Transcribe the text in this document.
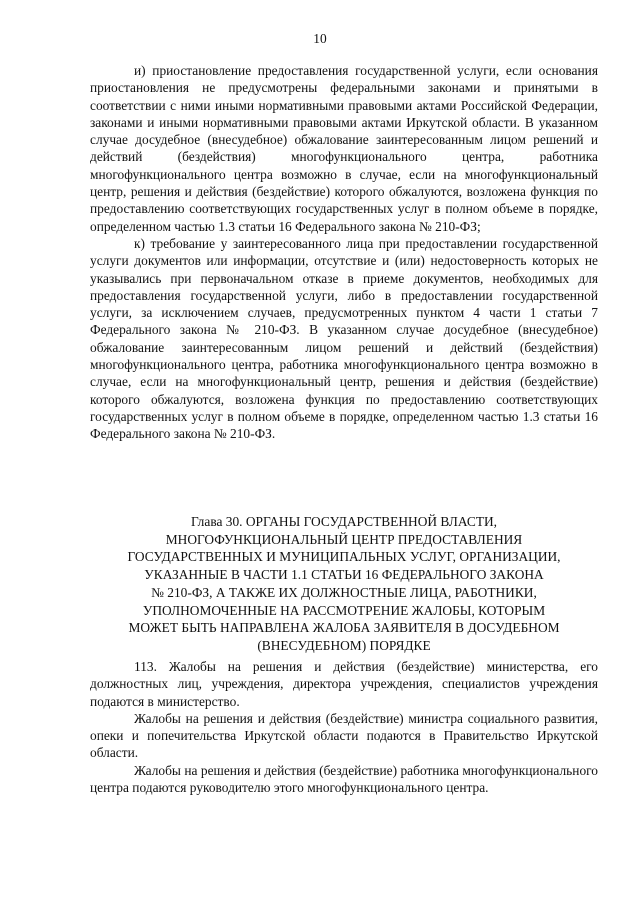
10

и) приостановление предоставления государственной услуги, если основания приостановления не предусмотрены федеральными законами и принятыми в соответствии с ними иными нормативными правовыми актами Российской Федерации, законами и иными нормативными правовыми актами Иркутской области. В указанном случае досудебное (внесудебное) обжалование заинтересованным лицом решений и действий (бездействия) многофункционального центра, работника многофункционального центра возможно в случае, если на многофункциональный центр, решения и действия (бездействие) которого обжалуются, возложена функция по предоставлению соответствующих государственных услуг в полном объеме в порядке, определенном частью 1.3 статьи 16 Федерального закона № 210-ФЗ;

к) требование у заинтересованного лица при предоставлении государственной услуги документов или информации, отсутствие и (или) недостоверность которых не указывались при первоначальном отказе в приеме документов, необходимых для предоставления государственной услуги, либо в предоставлении государственной услуги, за исключением случаев, предусмотренных пунктом 4 части 1 статьи 7 Федерального закона № 210-ФЗ. В указанном случае досудебное (внесудебное) обжалование заинтересованным лицом решений и действий (бездействия) многофункционального центра, работника многофункционального центра возможно в случае, если на многофункциональный центр, решения и действия (бездействие) которого обжалуются, возложена функция по предоставлению соответствующих государственных услуг в полном объеме в порядке, определенном частью 1.3 статьи 16 Федерального закона № 210-ФЗ.

Глава 30. ОРГАНЫ ГОСУДАРСТВЕННОЙ ВЛАСТИ,
МНОГОФУНКЦИОНАЛЬНЫЙ ЦЕНТР ПРЕДОСТАВЛЕНИЯ
ГОСУДАРСТВЕННЫХ И МУНИЦИПАЛЬНЫХ УСЛУГ, ОРГАНИЗАЦИИ,
УКАЗАННЫЕ В ЧАСТИ 1.1 СТАТЬИ 16 ФЕДЕРАЛЬНОГО ЗАКОНА
№ 210-ФЗ, А ТАКЖЕ ИХ ДОЛЖНОСТНЫЕ ЛИЦА, РАБОТНИКИ,
УПОЛНОМОЧЕННЫЕ НА РАССМОТРЕНИЕ ЖАЛОБЫ, КОТОРЫМ
МОЖЕТ БЫТЬ НАПРАВЛЕНА ЖАЛОБА ЗАЯВИТЕЛЯ В ДОСУДЕБНОМ
(ВНЕСУДЕБНОМ) ПОРЯДКЕ

113. Жалобы на решения и действия (бездействие) министерства, его должностных лиц, учреждения, директора учреждения, специалистов учреждения подаются в министерство.

Жалобы на решения и действия (бездействие) министра социального развития, опеки и попечительства Иркутской области подаются в Правительство Иркутской области.

Жалобы на решения и действия (бездействие) работника многофункционального центра подаются руководителю этого многофункционального центра.
